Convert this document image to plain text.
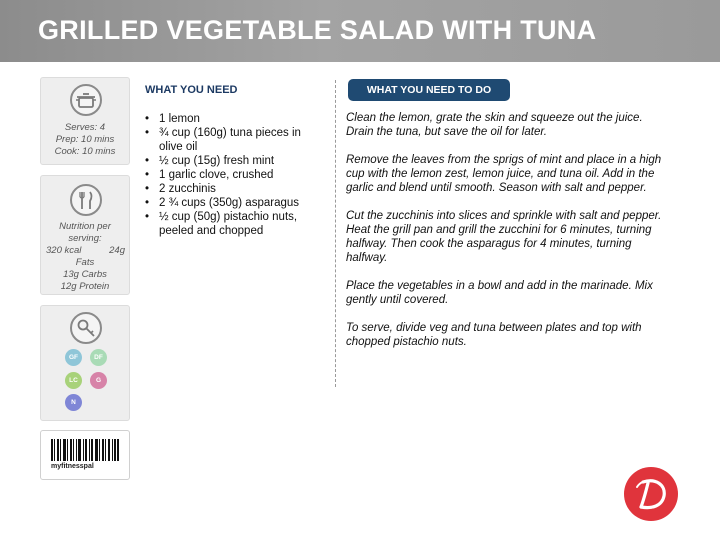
GRILLED VEGETABLE SALAD WITH TUNA
Serves: 4
Prep: 10 mins
Cook: 10 mins
Nutrition per
serving:
320 kcal	24g
Fats
13g Carbs
12g Protein
GF	DF
LC	G
N
myfitnesspal
WHAT YOU NEED
• 1 lemon
• ¾ cup (160g) tuna pieces in olive oil
• ½ cup (15g) fresh mint
• 1 garlic clove, crushed
• 2 zucchinis
• 2 ¾ cups (350g) asparagus
• ½ cup (50g) pistachio nuts, peeled and chopped
WHAT YOU NEED TO DO

Clean the lemon, grate the skin and squeeze out the juice. Drain the tuna, but save the oil for later.

Remove the leaves from the sprigs of mint and place in a high cup with the lemon zest, lemon juice, and tuna oil. Add in the garlic and blend until smooth. Season with salt and pepper.

Cut the zucchinis into slices and sprinkle with salt and pepper. Heat the grill pan and grill the zucchini for 6 minutes, turning halfway. Then cook the asparagus for 4 minutes, turning halfway.

Place the vegetables in a bowl and add in the marinade. Mix gently until covered.

To serve, divide veg and tuna between plates and top with chopped pistachio nuts.
